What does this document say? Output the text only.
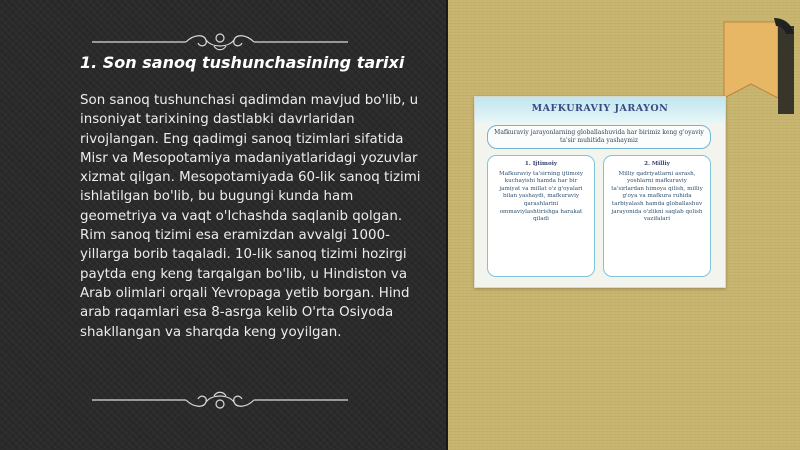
1. Son sanoq tushunchasining tarixi

Son sanoq tushunchasi qadimdan mavjud bo'lib, u insoniyat tarixining dastlabki davrlaridan rivojlangan. Eng qadimgi sanoq tizimlari sifatida Misr va Mesopotamiya madaniyatlaridagi yozuvlar xizmat qilgan. Mesopotamiyada 60-lik sanoq tizimi ishlatilgan bo'lib, bu bugungi kunda ham geometriya va vaqt o'lchashda saqlanib qolgan. Rim sanoq tizimi esa eramizdan avvalgi 1000-yillarga borib taqaladi. 10-lik sanoq tizimi hozirgi paytda eng keng tarqalgan bo'lib, u Hindiston va Arab olimlari orqali Yevropaga yetib borgan. Hind arab raqamlari esa 8-asrga kelib O'rta Osiyoda shakllangan va sharqda keng yoyilgan.

MAFKURAVIY JARAYON
Mafkuraviy jarayonlarning globallashuvida har birimiz keng g'oyaviy ta'sir muhitida yashaymiz
1. Ijtimoiy
Mafkuraviy ta'sirning ijtimoiy kuchayishi hamda har bir jamiyat va millat o'z g'oyalari bilan yashaydi, mafkuraviy qarashlarini ommaviylashtirishga harakat qiladi
2. Milliy
Milliy qadriyatlarni asrash, yoshlarni mafkuraviy ta'sirlardan himoya qilish, milliy g'oya va mafkura ruhida tarbiyalash hamda globallashuv jarayonida o'zlikni saqlab qolish vazifalari
